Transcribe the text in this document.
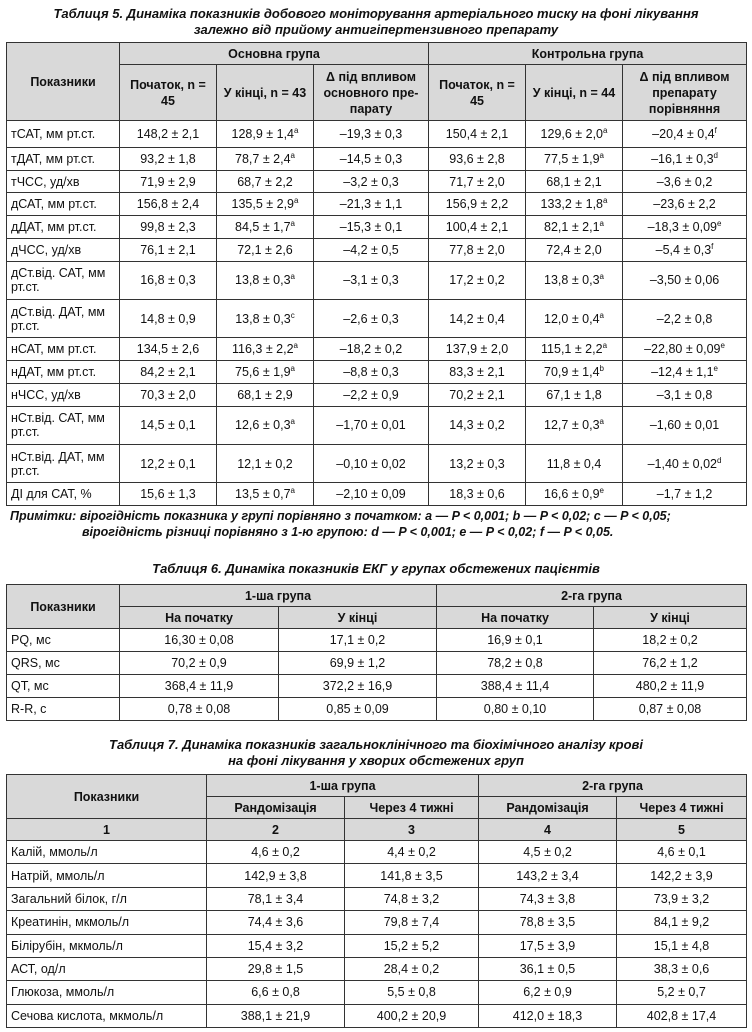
Таблиця 5. Динаміка показників добового моніторування артеріального тиску на фоні лікування
залежно від прийому антигіпертензивного препарату
Показники	Основна група			Контрольна група		
	Початок, n = 45	У кінці, n = 43	Δ під впливом основного пре-парату	Початок, n = 45	У кінці, n = 44	Δ під впливом препарату порівняння
тСАТ, мм рт.ст.	148,2 ± 2,1	128,9 ± 1,4$^a$	–19,3 ± 0,3	150,4 ± 2,1	129,6 ± 2,0$^a$	–20,4 ± 0,4$^f$
тДАТ, мм рт.ст.	93,2 ± 1,8	78,7 ± 2,4$^a$	–14,5 ± 0,3	93,6 ± 2,8	77,5 ± 1,9$^a$	–16,1 ± 0,3$^d$
тЧСС, уд/хв	71,9 ± 2,9	68,7 ± 2,2	–3,2 ± 0,3	71,7 ± 2,0	68,1 ± 2,1	–3,6 ± 0,2
дСАТ, мм рт.ст.	156,8 ± 2,4	135,5 ± 2,9$^a$	–21,3 ± 1,1	156,9 ± 2,2	133,2 ± 1,8$^a$	–23,6 ± 2,2
дДАТ, мм рт.ст.	99,8 ± 2,3	84,5 ± 1,7$^a$	–15,3 ± 0,1	100,4 ± 2,1	82,1 ± 2,1$^a$	–18,3 ± 0,09$^e$
дЧСС, уд/хв	76,1 ± 2,1	72,1 ± 2,6	–4,2 ± 0,5	77,8 ± 2,0	72,4 ± 2,0	–5,4 ± 0,3$^f$
дСт.від. САТ, мм рт.ст.	16,8 ± 0,3	13,8 ± 0,3$^a$	–3,1 ± 0,3	17,2 ± 0,2	13,8 ± 0,3$^a$	–3,50 ± 0,06
дСт.від. ДАТ, мм рт.ст.	14,8 ± 0,9	13,8 ± 0,3$^c$	–2,6 ± 0,3	14,2 ± 0,4	12,0 ± 0,4$^a$	–2,2 ± 0,8
нСАТ, мм рт.ст.	134,5 ± 2,6	116,3 ± 2,2$^a$	–18,2 ± 0,2	137,9 ± 2,0	115,1 ± 2,2$^a$	–22,80 ± 0,09$^e$
нДАТ, мм рт.ст.	84,2 ± 2,1	75,6 ± 1,9$^a$	–8,8 ± 0,3	83,3 ± 2,1	70,9 ± 1,4$^b$	–12,4 ± 1,1$^e$
нЧСС, уд/хв	70,3 ± 2,0	68,1 ± 2,9	–2,2 ± 0,9	70,2 ± 2,1	67,1 ± 1,8	–3,1 ± 0,8
нСт.від. САТ, мм рт.ст.	14,5 ± 0,1	12,6 ± 0,3$^a$	–1,70 ± 0,01	14,3 ± 0,2	12,7 ± 0,3$^a$	–1,60 ± 0,01
нСт.від. ДАТ, мм рт.ст.	12,2 ± 0,1	12,1 ± 0,2	–0,10 ± 0,02	13,2 ± 0,3	11,8 ± 0,4	–1,40 ± 0,02$^d$
ДІ для САТ, %	15,6 ± 1,3	13,5 ± 0,7$^a$	–2,10 ± 0,09	18,3 ± 0,6	16,6 ± 0,9$^e$	–1,7 ± 1,2
Примітки: вірогідність показника у групі порівняно з початком: a — P < 0,001; b — P < 0,02; c — P < 0,05;
вірогідність різниці порівняно з 1-ю групою: d — P < 0,001; e — P < 0,02; f — P < 0,05.
Таблиця 6. Динаміка показників ЕКГ у групах обстежених пацієнтів
Показники	1-ша група		2-га група	
	На початку	У кінці	На початку	У кінці
PQ, мс	16,30 ± 0,08	17,1 ± 0,2	16,9 ± 0,1	18,2 ± 0,2
QRS, мс	70,2 ± 0,9	69,9 ± 1,2	78,2 ± 0,8	76,2 ± 1,2
QT, мс	368,4 ± 11,9	372,2 ± 16,9	388,4 ± 11,4	480,2 ± 11,9
R-R, с	0,78 ± 0,08	0,85 ± 0,09	0,80 ± 0,10	0,87 ± 0,08
Таблиця 7. Динаміка показників загальноклінічного та біохімічного аналізу крові
на фоні лікування у хворих обстежених груп
Показники	1-ша група		2-га група	
	Рандомізація	Через 4 тижні	Рандомізація	Через 4 тижні
1	2	3	4	5
Калій, ммоль/л	4,6 ± 0,2	4,4 ± 0,2	4,5 ± 0,2	4,6 ± 0,1
Натрій, ммоль/л	142,9 ± 3,8	141,8 ± 3,5	143,2 ± 3,4	142,2 ± 3,9
Загальний білок, г/л	78,1 ± 3,4	74,8 ± 3,2	74,3 ± 3,8	73,9 ± 3,2
Креатинін, мкмоль/л	74,4 ± 3,6	79,8 ± 7,4	78,8 ± 3,5	84,1 ± 9,2
Білірубін, мкмоль/л	15,4 ± 3,2	15,2 ± 5,2	17,5 ± 3,9	15,1 ± 4,8
АСТ, од/л	29,8 ± 1,5	28,4 ± 0,2	36,1 ± 0,5	38,3 ± 0,6
Глюкоза, ммоль/л	6,6 ± 0,8	5,5 ± 0,8	6,2 ± 0,9	5,2 ± 0,7
Сечова кислота, мкмоль/л	388,1 ± 21,9	400,2 ± 20,9	412,0 ± 18,3	402,8 ± 17,4
